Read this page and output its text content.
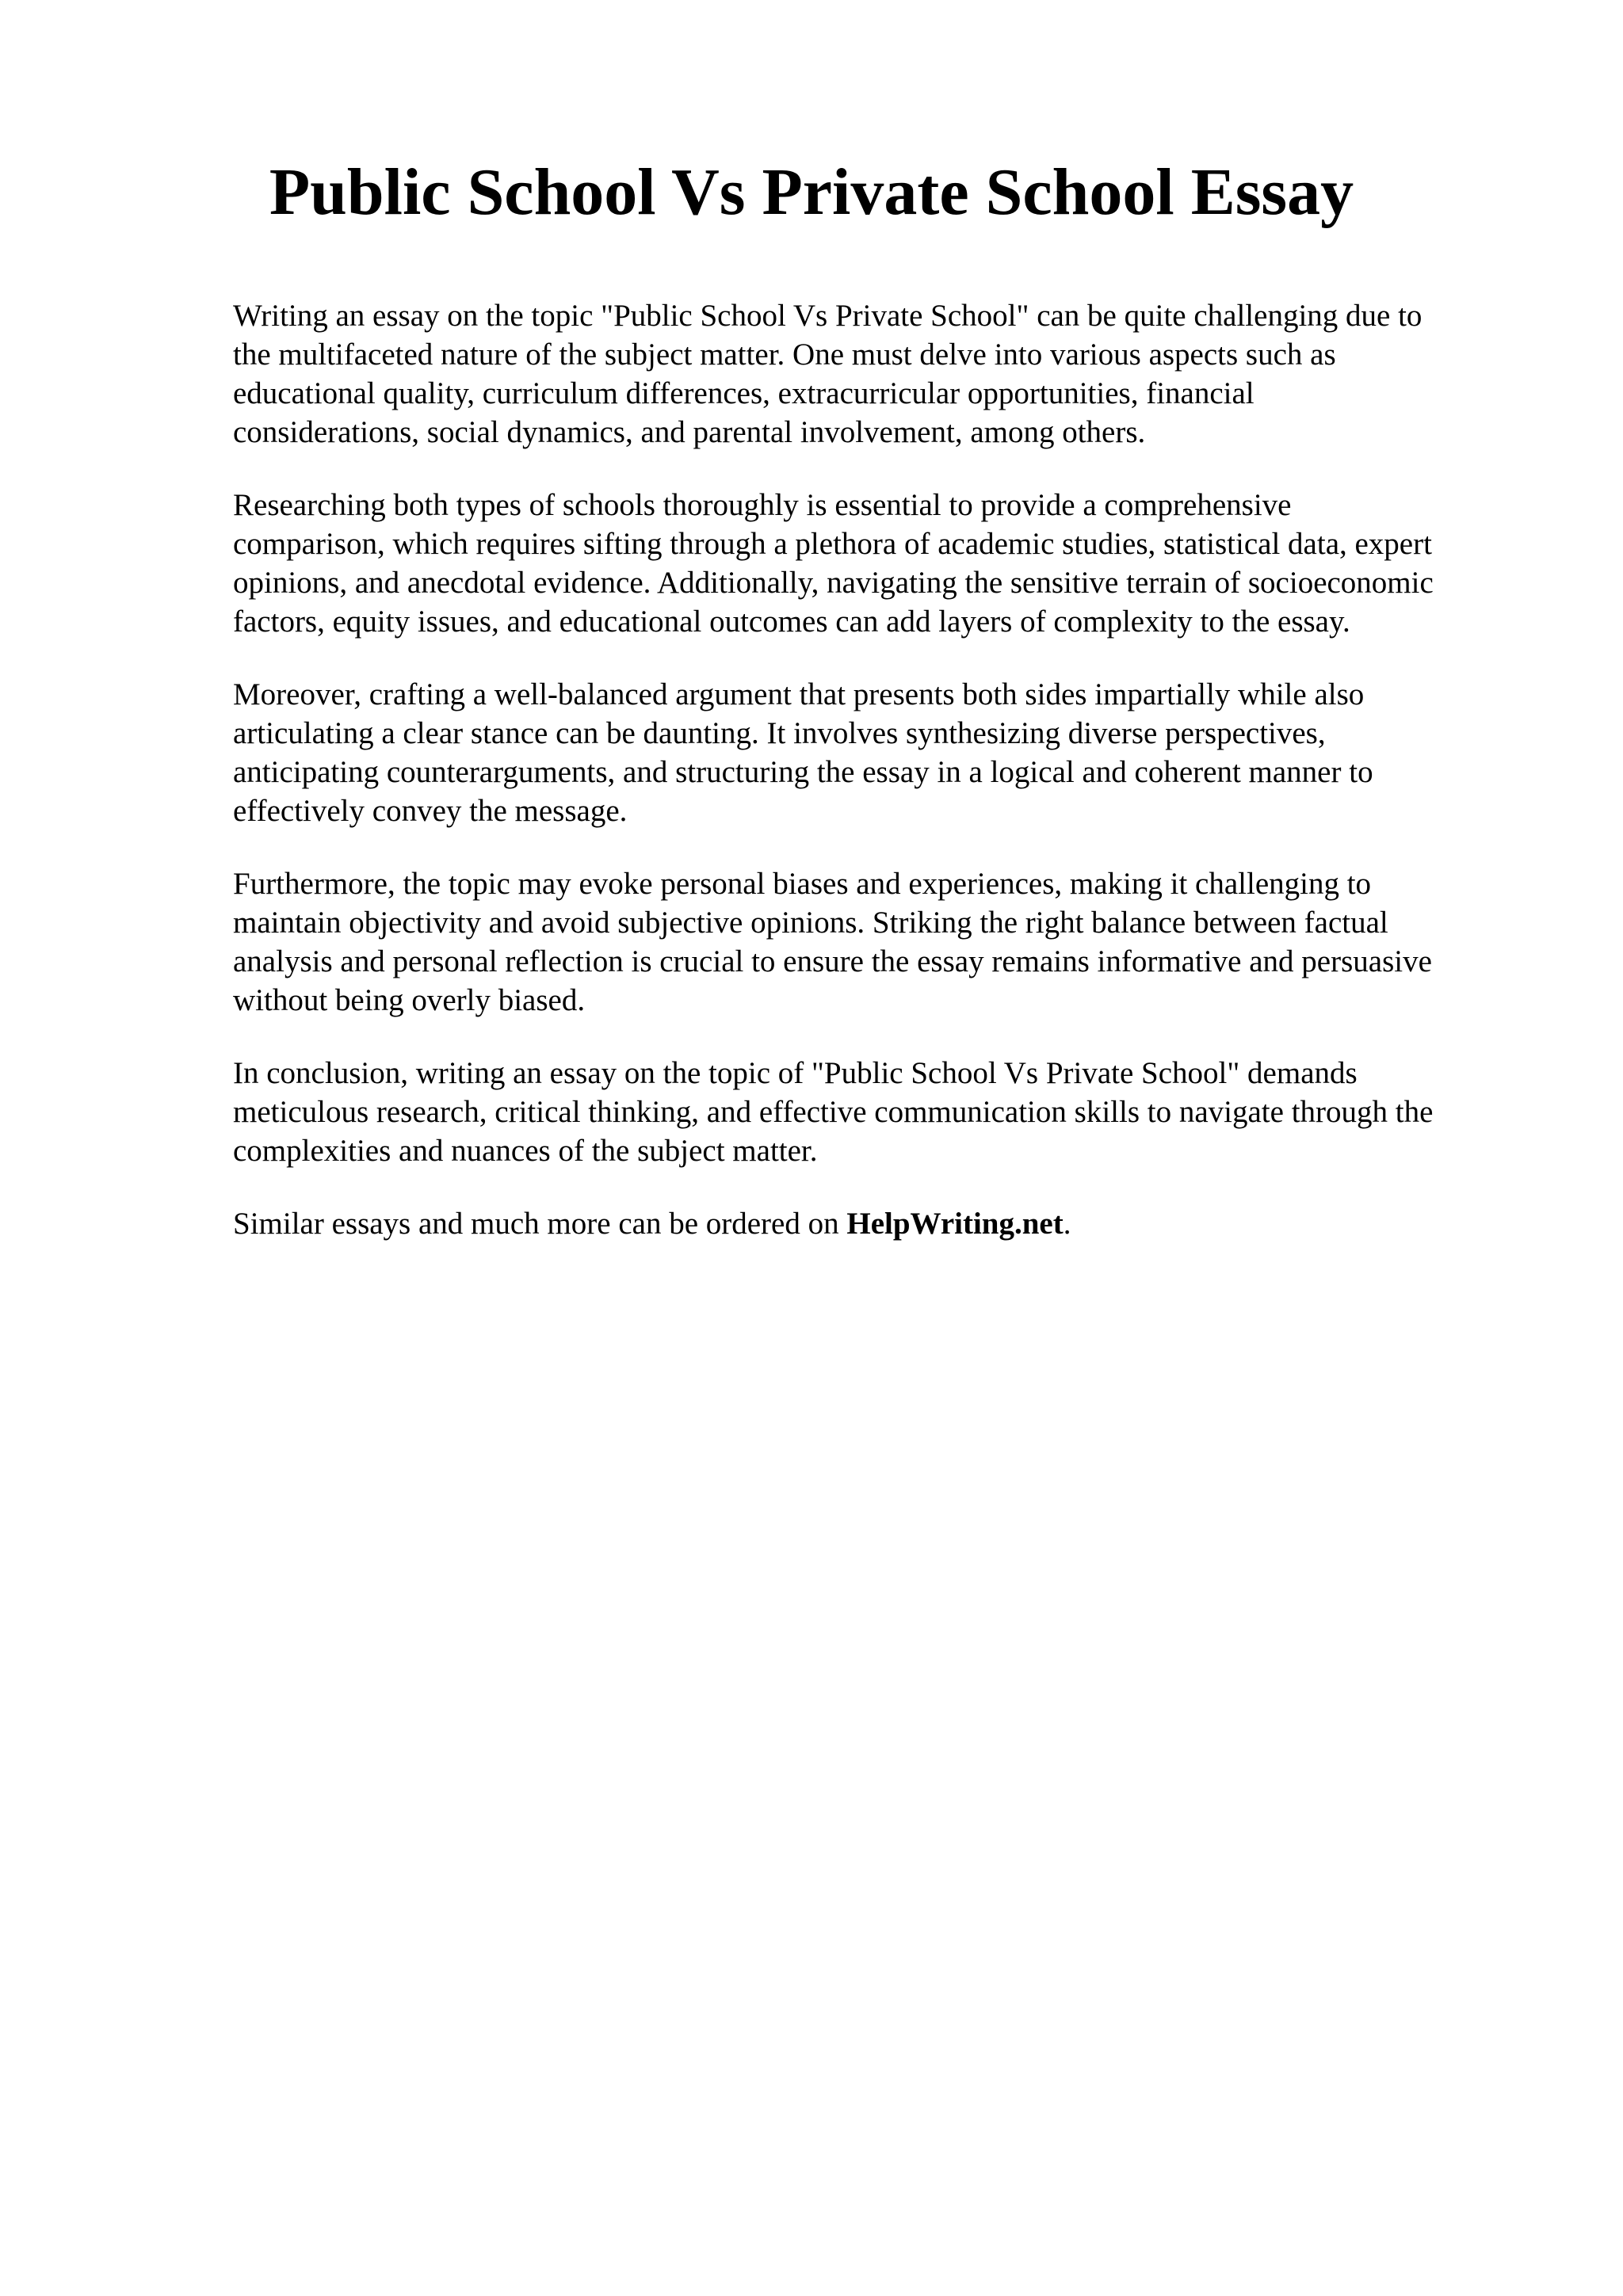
Public School Vs Private School Essay

Writing an essay on the topic "Public School Vs Private School" can be quite challenging due to
the multifaceted nature of the subject matter. One must delve into various aspects such as
educational quality, curriculum differences, extracurricular opportunities, financial
considerations, social dynamics, and parental involvement, among others.

Researching both types of schools thoroughly is essential to provide a comprehensive
comparison, which requires sifting through a plethora of academic studies, statistical data, expert
opinions, and anecdotal evidence. Additionally, navigating the sensitive terrain of socioeconomic
factors, equity issues, and educational outcomes can add layers of complexity to the essay.

Moreover, crafting a well-balanced argument that presents both sides impartially while also
articulating a clear stance can be daunting. It involves synthesizing diverse perspectives,
anticipating counterarguments, and structuring the essay in a logical and coherent manner to
effectively convey the message.

Furthermore, the topic may evoke personal biases and experiences, making it challenging to
maintain objectivity and avoid subjective opinions. Striking the right balance between factual
analysis and personal reflection is crucial to ensure the essay remains informative and persuasive
without being overly biased.

In conclusion, writing an essay on the topic of "Public School Vs Private School" demands
meticulous research, critical thinking, and effective communication skills to navigate through the
complexities and nuances of the subject matter.

Similar essays and much more can be ordered on HelpWriting.net.
